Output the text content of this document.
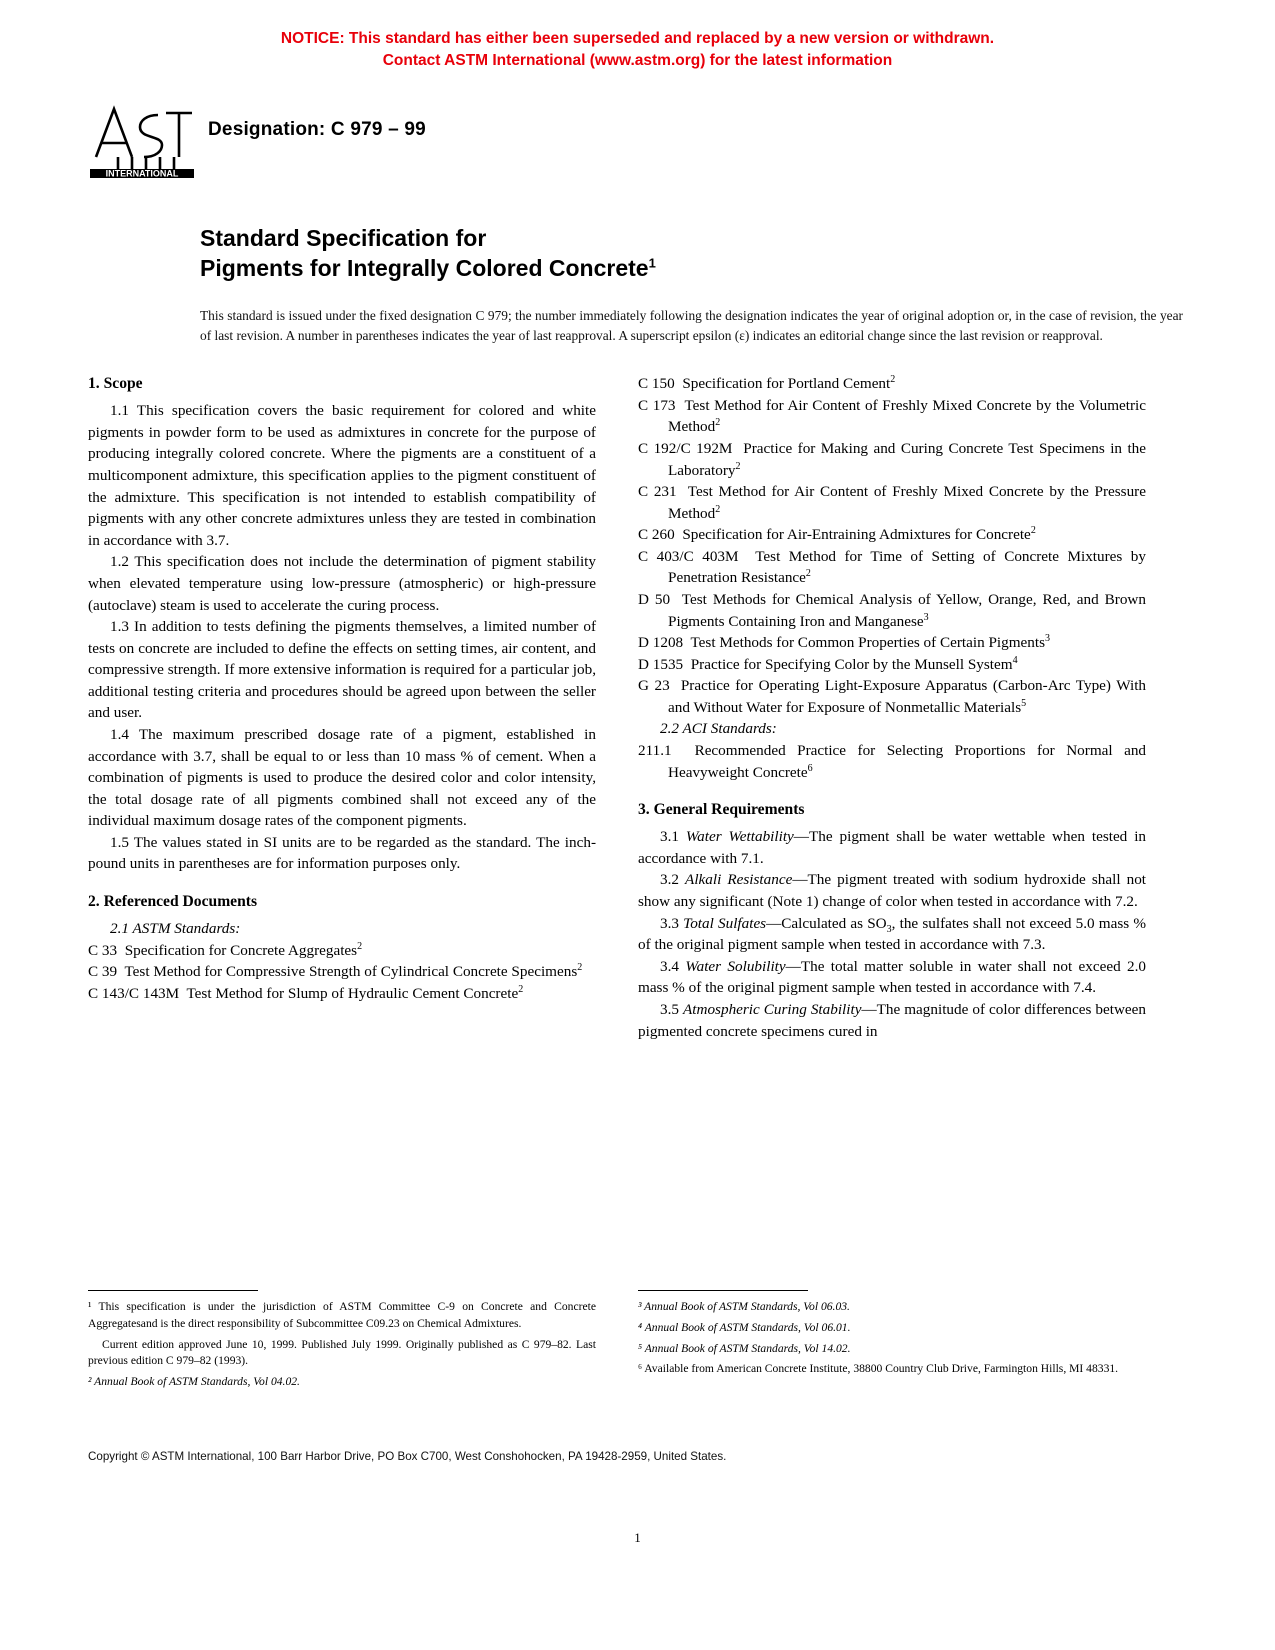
NOTICE: This standard has either been superseded and replaced by a new version or withdrawn.
Contact ASTM International (www.astm.org) for the latest information
INTERNATIONAL
Designation: C 979 – 99
Standard Specification for
Pigments for Integrally Colored Concrete$^1$
This standard is issued under the fixed designation C 979; the number immediately following the designation indicates the year of original adoption or, in the case of revision, the year of last revision. A number in parentheses indicates the year of last reapproval. A superscript epsilon (ε) indicates an editorial change since the last revision or reapproval.
1. Scope

1.1 This specification covers the basic requirement for colored and white pigments in powder form to be used as admixtures in concrete for the purpose of producing integrally colored concrete. Where the pigments are a constituent of a multicomponent admixture, this specification applies to the pigment constituent of the admixture. This specification is not intended to establish compatibility of pigments with any other concrete admixtures unless they are tested in combination in accordance with 3.7.

1.2 This specification does not include the determination of pigment stability when elevated temperature using low-pressure (atmospheric) or high-pressure (autoclave) steam is used to accelerate the curing process.

1.3 In addition to tests defining the pigments themselves, a limited number of tests on concrete are included to define the effects on setting times, air content, and compressive strength. If more extensive information is required for a particular job, additional testing criteria and procedures should be agreed upon between the seller and user.

1.4 The maximum prescribed dosage rate of a pigment, established in accordance with 3.7, shall be equal to or less than 10 mass % of cement. When a combination of pigments is used to produce the desired color and color intensity, the total dosage rate of all pigments combined shall not exceed any of the individual maximum dosage rates of the component pigments.

1.5 The values stated in SI units are to be regarded as the standard. The inch-pound units in parentheses are for information purposes only.

2. Referenced Documents

2.1 ASTM Standards:

C 33 Specification for Concrete Aggregates$^2$

C 39 Test Method for Compressive Strength of Cylindrical Concrete Specimens$^2$

C 143/C 143M Test Method for Slump of Hydraulic Cement Concrete$^2$

C 150 Specification for Portland Cement$^2$

C 173 Test Method for Air Content of Freshly Mixed Concrete by the Volumetric Method$^2$

C 192/C 192M Practice for Making and Curing Concrete Test Specimens in the Laboratory$^2$

C 231 Test Method for Air Content of Freshly Mixed Concrete by the Pressure Method$^2$

C 260 Specification for Air-Entraining Admixtures for Concrete$^2$

C 403/C 403M Test Method for Time of Setting of Concrete Mixtures by Penetration Resistance$^2$

D 50 Test Methods for Chemical Analysis of Yellow, Orange, Red, and Brown Pigments Containing Iron and Manganese$^3$

D 1208 Test Methods for Common Properties of Certain Pigments$^3$

D 1535 Practice for Specifying Color by the Munsell System$^4$

G 23 Practice for Operating Light-Exposure Apparatus (Carbon-Arc Type) With and Without Water for Exposure of Nonmetallic Materials$^5$

2.2 ACI Standards:

211.1 Recommended Practice for Selecting Proportions for Normal and Heavyweight Concrete$^6$

3. General Requirements

3.1 Water Wettability—The pigment shall be water wettable when tested in accordance with 7.1.

3.2 Alkali Resistance—The pigment treated with sodium hydroxide shall not show any significant (Note 1) change of color when tested in accordance with 7.2.

3.3 Total Sulfates—Calculated as $SO_3$, the sulfates shall not exceed 5.0 mass % of the original pigment sample when tested in accordance with 7.3.

3.4 Water Solubility—The total matter soluble in water shall not exceed 2.0 mass % of the original pigment sample when tested in accordance with 7.4.

3.5 Atmospheric Curing Stability—The magnitude of color differences between pigmented concrete specimens cured in

¹ This specification is under the jurisdiction of ASTM Committee C-9 on Concrete and Concrete Aggregatesand is the direct responsibility of Subcommittee C09.23 on Chemical Admixtures.

Current edition approved June 10, 1999. Published July 1999. Originally published as C 979–82. Last previous edition C 979–82 (1993).

² Annual Book of ASTM Standards, Vol 04.02.

³ Annual Book of ASTM Standards, Vol 06.03.

⁴ Annual Book of ASTM Standards, Vol 06.01.

⁵ Annual Book of ASTM Standards, Vol 14.02.

⁶ Available from American Concrete Institute, 38800 Country Club Drive, Farmington Hills, MI 48331.

Copyright © ASTM International, 100 Barr Harbor Drive, PO Box C700, West Conshohocken, PA 19428-2959, United States.
1
